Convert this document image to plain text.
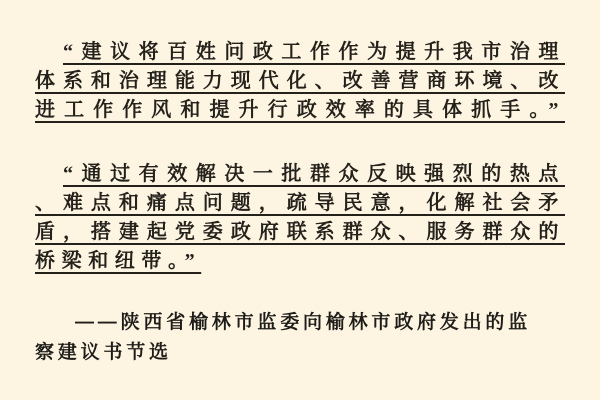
“建议将百姓问政工作作为提升我市治理
体系和治理能力现代化、改善营商环境、改
进工作作风和提升行政效率的具体抓手。”
“通过有效解决一批群众反映强烈的热点
、难点和痛点问题，疏导民意，化解社会矛
盾，搭建起党委政府联系群众、服务群众的
桥梁和纽带。”
——陕西省榆林市监委向榆林市政府发出的监
察建议书节选
